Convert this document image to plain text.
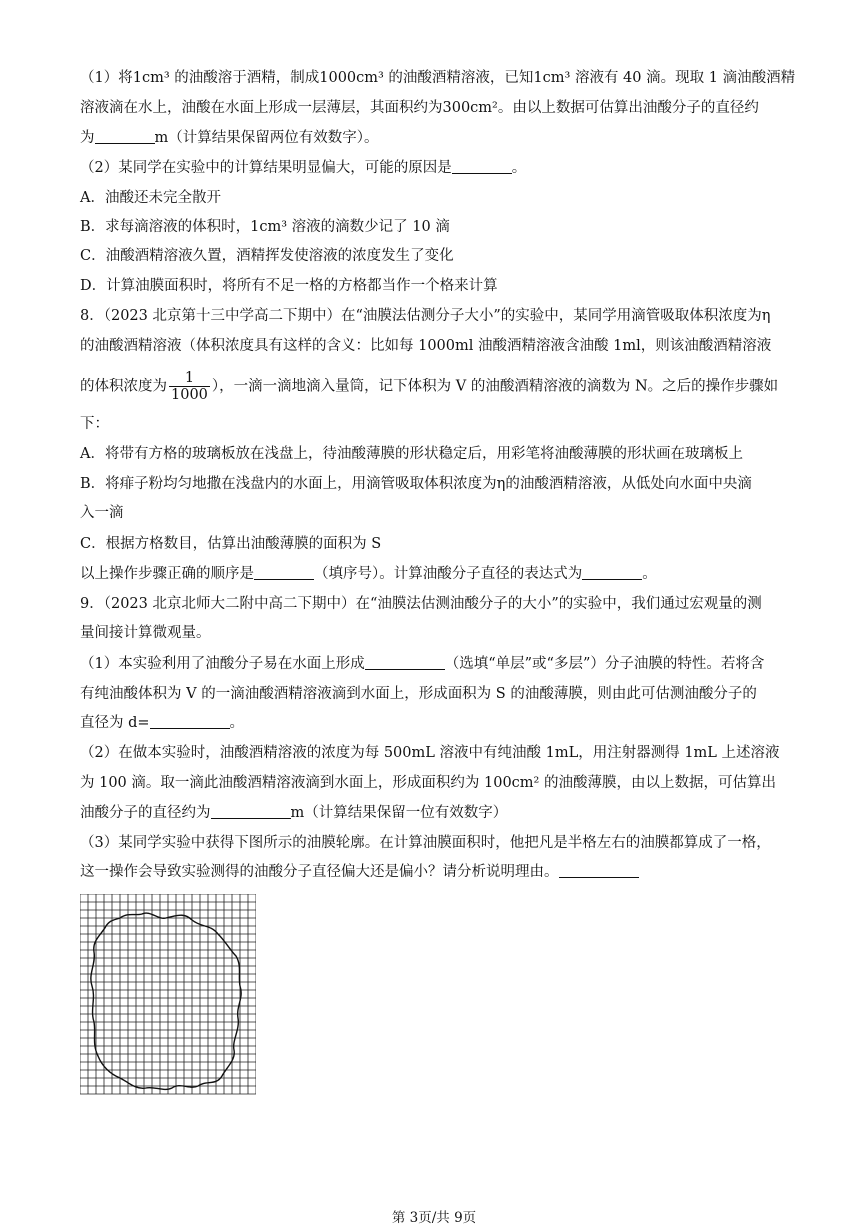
（1）将1cm³ 的油酸溶于酒精，制成1000cm³ 的油酸酒精溶液，已知1cm³ 溶液有 40 滴。现取 1 滴油酸酒精
溶液滴在水上，油酸在水面上形成一层薄层，其面积约为300cm²。由以上数据可估算出油酸分子的直径约
为	m（计算结果保留两位有效数字）。
（2）某同学在实验中的计算结果明显偏大，可能的原因是	。
A．油酸还未完全散开
B．求每滴溶液的体积时，1cm³ 溶液的滴数少记了 10 滴
C．油酸酒精溶液久置，酒精挥发使溶液的浓度发生了变化
D．计算油膜面积时，将所有不足一格的方格都当作一个格来计算
8．（2023 北京第十三中学高二下期中）在“油膜法估测分子大小”的实验中，某同学用滴管吸取体积浓度为η
的油酸酒精溶液（体积浓度具有这样的含义：比如每 1000ml 油酸酒精溶液含油酸 1ml，则该油酸酒精溶液
的体积浓度为 $\frac{1}{1000}$ ），一滴一滴地滴入量筒，记下体积为 V 的油酸酒精溶液的滴数为 N。之后的操作步骤如
下：
A．将带有方格的玻璃板放在浅盘上，待油酸薄膜的形状稳定后，用彩笔将油酸薄膜的形状画在玻璃板上
B．将痱子粉均匀地撒在浅盘内的水面上，用滴管吸取体积浓度为η的油酸酒精溶液，从低处向水面中央滴
入一滴
C．根据方格数目，估算出油酸薄膜的面积为 S
以上操作步骤正确的顺序是	（填序号）。计算油酸分子直径的表达式为	。
9．（2023 北京北师大二附中高二下期中）在“油膜法估测油酸分子的大小”的实验中，我们通过宏观量的测
量间接计算微观量。
（1）本实验利用了油酸分子易在水面上形成	（选填“单层”或“多层”）分子油膜的特性。若将含
有纯油酸体积为 V 的一滴油酸酒精溶液滴到水面上，形成面积为 S 的油酸薄膜，则由此可估测油酸分子的
直径为 d=	。
（2）在做本实验时，油酸酒精溶液的浓度为每 500mL 溶液中有纯油酸 1mL，用注射器测得 1mL 上述溶液
为 100 滴。取一滴此油酸酒精溶液滴到水面上，形成面积约为 100cm² 的油酸薄膜，由以上数据，可估算出
油酸分子的直径约为	m（计算结果保留一位有效数字）
（3）某同学实验中获得下图所示的油膜轮廓。在计算油膜面积时，他把凡是半格左右的油膜都算成了一格，
这一操作会导致实验测得的油酸分子直径偏大还是偏小？请分析说明理由。
第 3页/共 9页
